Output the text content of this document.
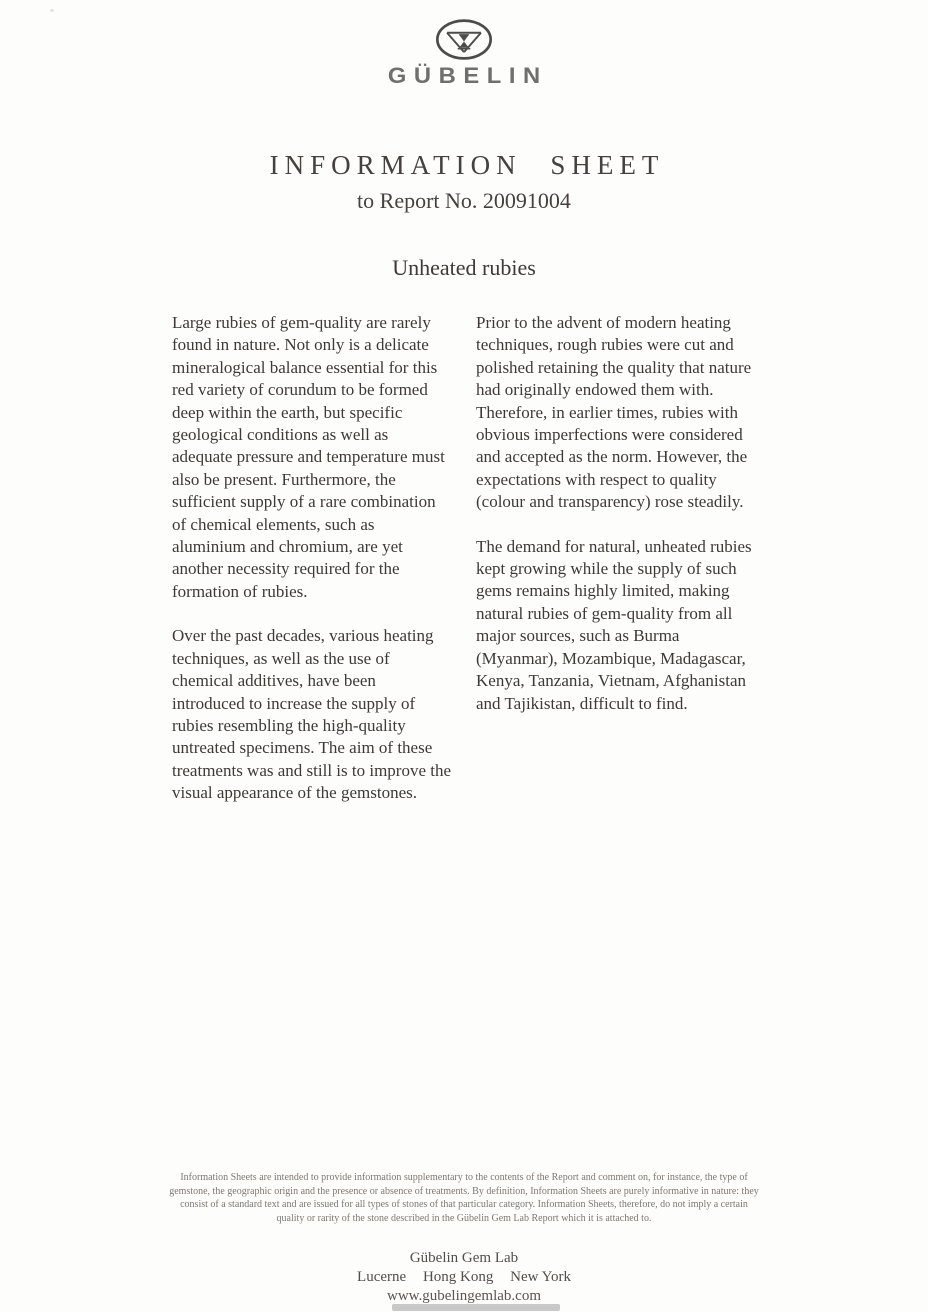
GÜBELIN
INFORMATION SHEET
to Report No. 20091004
Unheated rubies

Large rubies of gem-quality are rarely found in nature. Not only is a delicate mineralogical balance essential for this red variety of corundum to be formed deep within the earth, but specific geological conditions as well as adequate pressure and temperature must also be present. Furthermore, the sufficient supply of a rare combination of chemical elements, such as aluminium and chromium, are yet another necessity required for the formation of rubies.

Over the past decades, various heating techniques, as well as the use of chemical additives, have been introduced to increase the supply of rubies resembling the high-quality untreated specimens. The aim of these treatments was and still is to improve the visual appearance of the gemstones.

Prior to the advent of modern heating techniques, rough rubies were cut and polished retaining the quality that nature had originally endowed them with. Therefore, in earlier times, rubies with obvious imperfections were considered and accepted as the norm. However, the expectations with respect to quality (colour and transparency) rose steadily.

The demand for natural, unheated rubies kept growing while the supply of such gems remains highly limited, making natural rubies of gem-quality from all major sources, such as Burma (Myanmar), Mozambique, Madagascar, Kenya, Tanzania, Vietnam, Afghanistan and Tajikistan, difficult to find.

Information Sheets are intended to provide information supplementary to the contents of the Report and comment on, for instance, the type of gemstone, the geographic origin and the presence or absence of treatments. By definition, Information Sheets are purely informative in nature: they consist of a standard text and are issued for all types of stones of that particular category. Information Sheets, therefore, do not imply a certain quality or rarity of the stone described in the Gübelin Gem Lab Report which it is attached to.
Gübelin Gem Lab
Lucerne Hong Kong New York
www.gubelingemlab.com
